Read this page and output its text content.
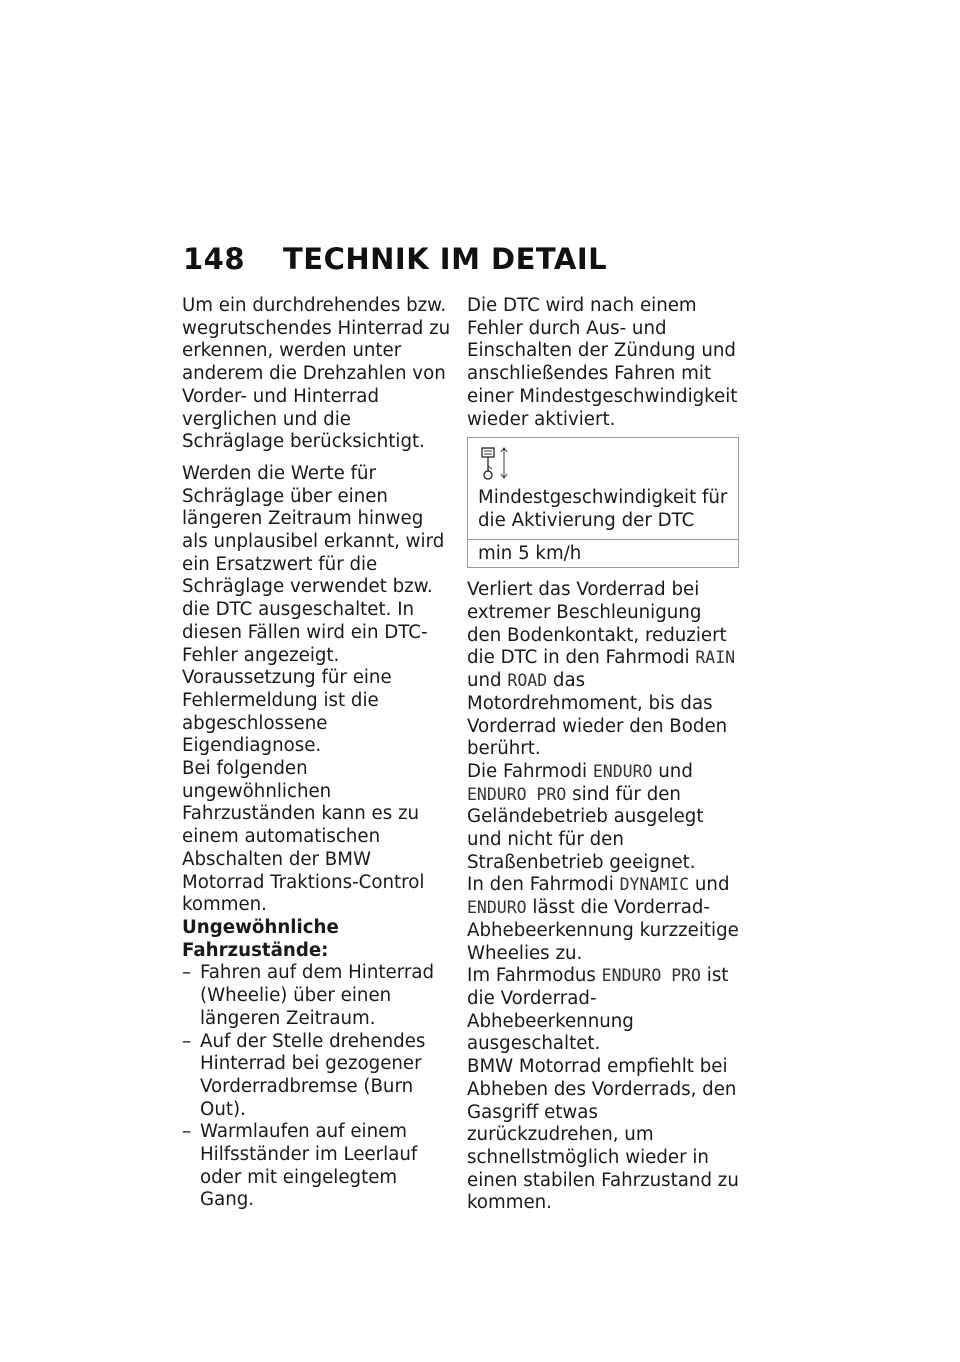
148 TECHNIK IM DETAIL

Um ein durchdrehendes bzw. wegrutschendes Hinterrad zu erkennen, werden unter anderem die Drehzahlen von Vorder- und Hinterrad verglichen und die Schräglage berücksichtigt.

Werden die Werte für Schräglage über einen längeren Zeitraum hinweg als unplausibel erkannt, wird ein Ersatzwert für die Schräglage verwendet bzw. die DTC ausgeschaltet. In diesen Fällen wird ein DTC-Fehler angezeigt. Voraussetzung für eine Fehlermeldung ist die abgeschlossene Eigendiagnose.

Bei folgenden ungewöhnlichen Fahrzuständen kann es zu einem automatischen Abschalten der BMW Motorrad Traktions-Control kommen.

Ungewöhnliche Fahrzustände:

– Fahren auf dem Hinterrad (Wheelie) über einen längeren Zeitraum.

– Auf der Stelle drehendes Hinterrad bei gezogener Vorderradbremse (Burn Out).

– Warmlaufen auf einem Hilfsständer im Leerlauf oder mit eingelegtem Gang.

Die DTC wird nach einem Fehler durch Aus- und Einschalten der Zündung und anschließendes Fahren mit einer Mindestgeschwindigkeit wieder aktiviert.

Mindestgeschwindigkeit für die Aktivierung der DTC
min 5 km/h

Verliert das Vorderrad bei extremer Beschleunigung den Bodenkontakt, reduziert die DTC in den Fahrmodi RAIN und ROAD das Motordrehmoment, bis das Vorderrad wieder den Boden berührt.

Die Fahrmodi ENDURO und ENDURO PRO sind für den Geländebetrieb ausgelegt und nicht für den Straßenbetrieb geeignet.

In den Fahrmodi DYNAMIC und ENDURO lässt die Vorderrad-Abhebeerkennung kurzzeitige Wheelies zu.

Im Fahrmodus ENDURO PRO ist die Vorderrad-Abhebeerkennung ausgeschaltet.

BMW Motorrad empfiehlt bei Abheben des Vorderrads, den Gasgriff etwas zurückzudrehen, um schnellstmöglich wieder in einen stabilen Fahrzustand zu kommen.
